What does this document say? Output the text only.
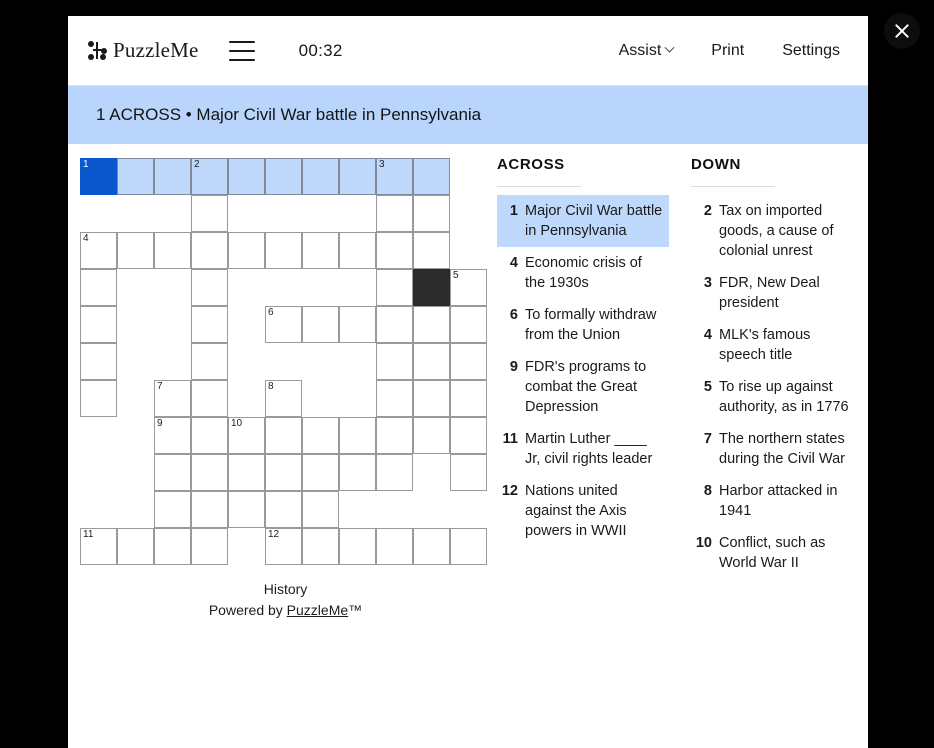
PuzzleMe	00:32	Assist	Print Settings
1 ACROSS • Major Civil War battle in Pennsylvania
1	2	3
4
5
6
7	8
9	10
11	12
History
Powered by PuzzleMe™
ACROSS
1 Major Civil War battle in Pennsylvania
4 Economic crisis of the 1930s
6 To formally withdraw from the Union
9 FDR's programs to combat the Great Depression
11 Martin Luther ____ Jr, civil rights leader
12 Nations united against the Axis powers in WWII
DOWN
2 Tax on imported goods, a cause of colonial unrest
3 FDR, New Deal president
4 MLK's famous speech title
5 To rise up against authority, as in 1776
7 The northern states during the Civil War
8 Harbor attacked in 1941
10 Conflict, such as World War II
